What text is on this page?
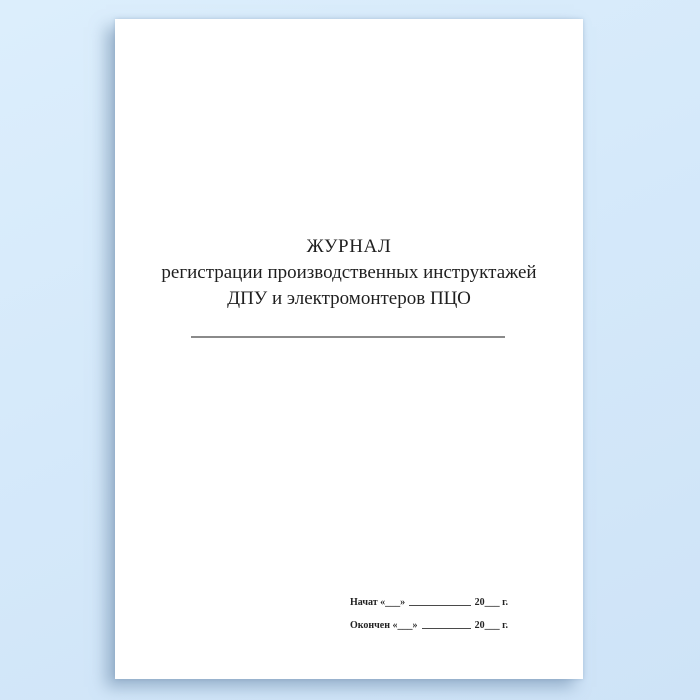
ЖУРНАЛ
регистрации производственных инструктажей
ДПУ и электромонтеров ПЦО
Начат «___»	20___ г.
Окончен «___»	20___ г.
